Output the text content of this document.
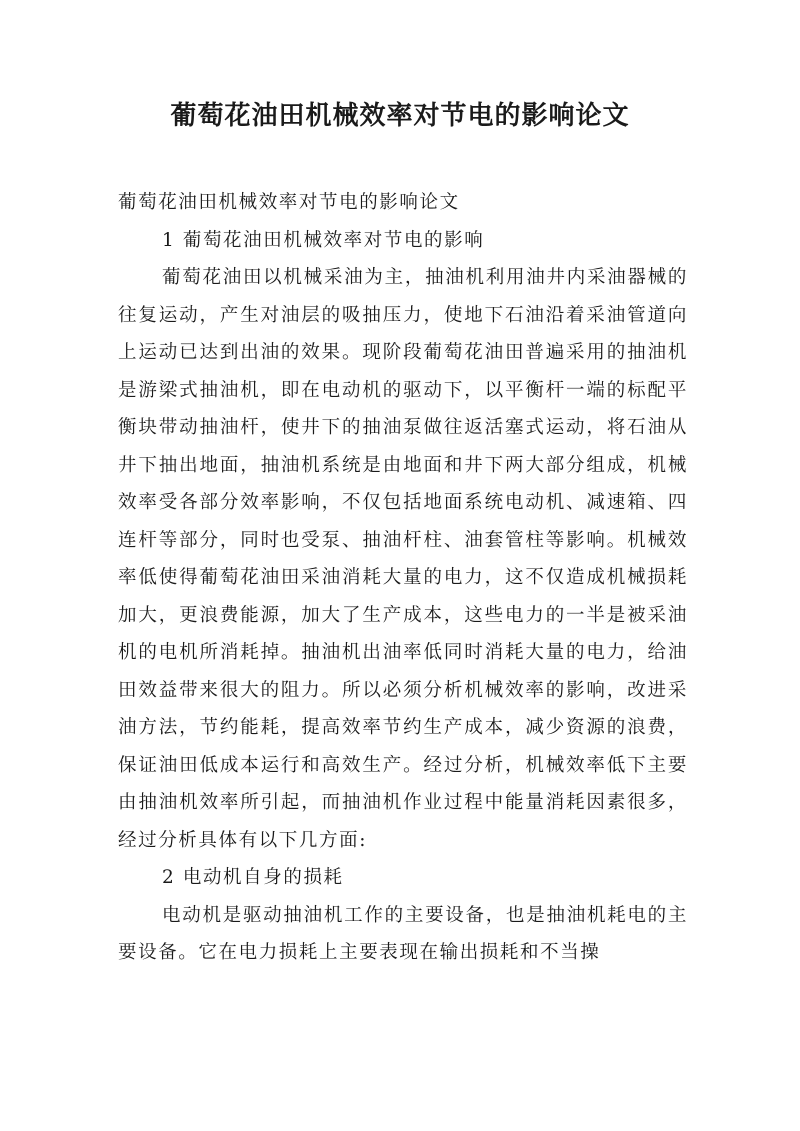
葡萄花油田机械效率对节电的影响论文

葡萄花油田机械效率对节电的影响论文

1 葡萄花油田机械效率对节电的影响

葡萄花油田以机械采油为主，抽油机利用油井内采油器械的往复运动，产生对油层的吸抽压力，使地下石油沿着采油管道向上运动已达到出油的效果。现阶段葡萄花油田普遍采用的抽油机是游梁式抽油机，即在电动机的驱动下，以平衡杆一端的标配平衡块带动抽油杆，使井下的抽油泵做往返活塞式运动，将石油从井下抽出地面，抽油机系统是由地面和井下两大部分组成，机械效率受各部分效率影响，不仅包括地面系统电动机、减速箱、四连杆等部分，同时也受泵、抽油杆柱、油套管柱等影响。机械效率低使得葡萄花油田采油消耗大量的电力，这不仅造成机械损耗加大，更浪费能源，加大了生产成本，这些电力的一半是被采油机的电机所消耗掉。抽油机出油率低同时消耗大量的电力，给油田效益带来很大的阻力。所以必须分析机械效率的影响，改进采油方法，节约能耗，提高效率节约生产成本，减少资源的浪费，保证油田低成本运行和高效生产。经过分析，机械效率低下主要由抽油机效率所引起，而抽油机作业过程中能量消耗因素很多，经过分析具体有以下几方面:

2 电动机自身的损耗

电动机是驱动抽油机工作的主要设备，也是抽油机耗电的主要设备。它在电力损耗上主要表现在输出损耗和不当操
